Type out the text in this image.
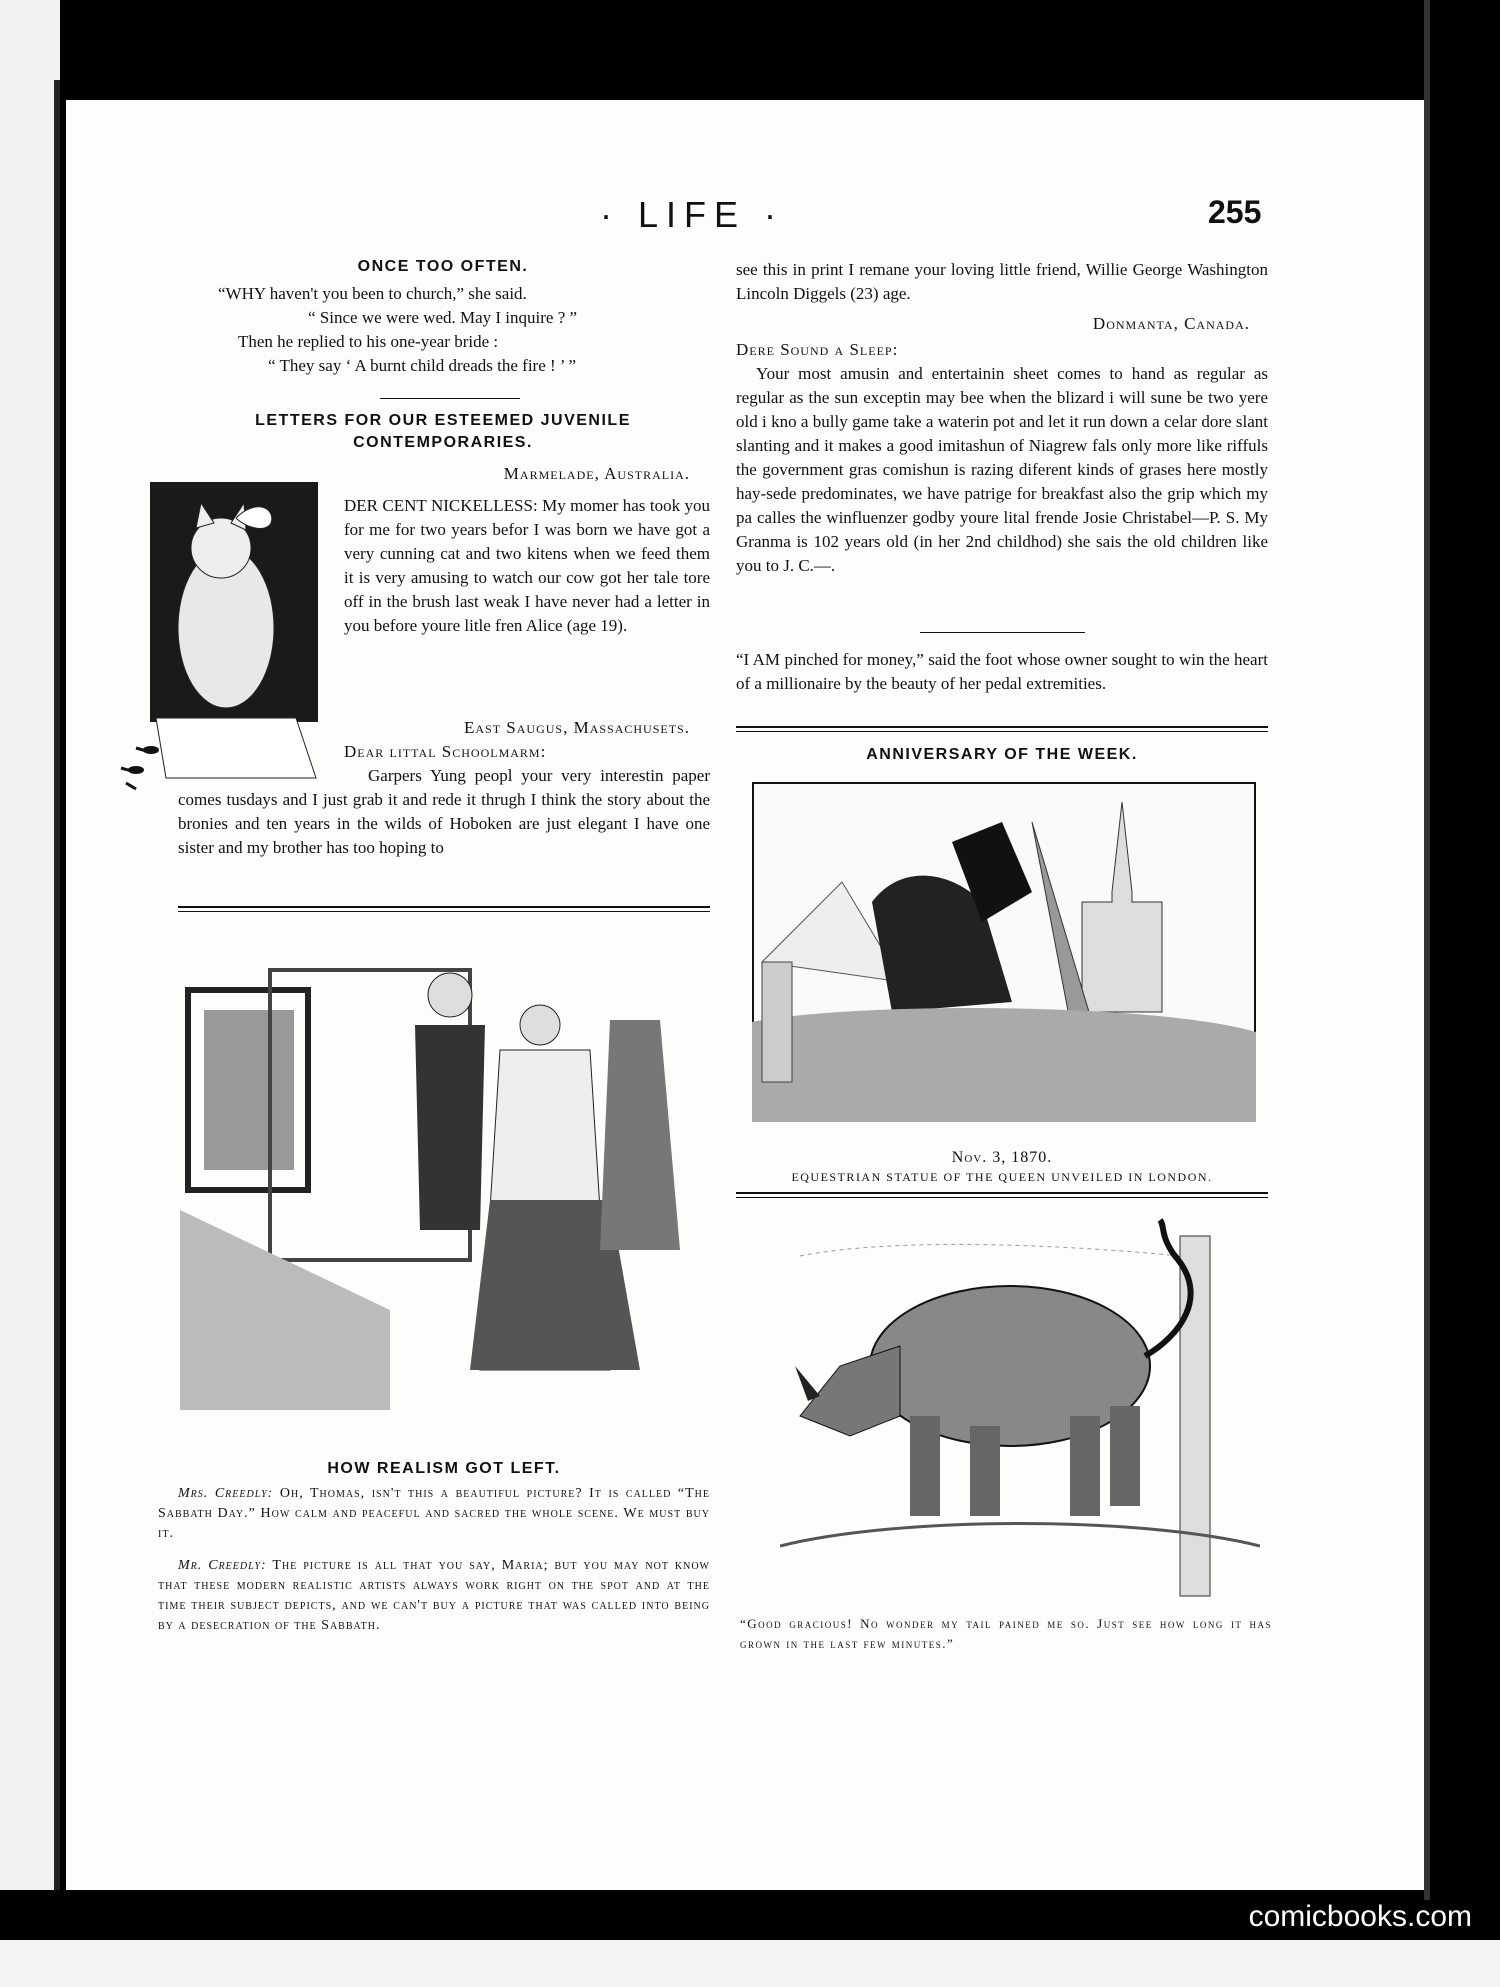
· LIFE ·	255
ONCE TOO OFTEN.
“WHY haven't you been to church,” she said.
“ Since we were wed. May I inquire ? ”
Then he replied to his one-year bride :
“ They say ‘ A burnt child dreads the fire ! ’ ”
LETTERS FOR OUR ESTEEMED JUVENILE CONTEMPORARIES.
Marmelade, Australia.
DER CENT NICKELLESS: My momer has took you for me for two years befor I was born we have got a very cunning cat and two kitens when we feed them it is very amusing to watch our cow got her tale tore off in the brush last weak I have never had a letter in you before youre litle fren Alice (age 19).
East Saugus, Massachusets.
Dear littal Schoolmarm:
Garpers Yung peopl your very interestin paper comes tusdays and I just grab it and rede it thrugh I think the story about the bronies and ten years in the wilds of Hoboken are just elegant I have one sister and my brother has too hoping to
HOW REALISM GOT LEFT.
Mrs. Creedly: Oh, Thomas, isn't this a beautiful picture? It is called “The Sabbath Day.” How calm and peaceful and sacred the whole scene. We must buy it.
Mr. Creedly: The picture is all that you say, Maria; but you may not know that these modern realistic artists always work right on the spot and at the time their subject depicts, and we can't buy a picture that was called into being by a desecration of the Sabbath.
see this in print I remane your loving little friend, Willie George Washington Lincoln Diggels (23) age.
Donmanta, Canada.
Dere Sound a Sleep:
Your most amusin and entertainin sheet comes to hand as regular as regular as the sun exceptin may bee when the blizard i will sune be two yere old i kno a bully game take a waterin pot and let it run down a celar dore slant slanting and it makes a good imitashun of Niagrew fals only more like riffuls the government gras comishun is razing diferent kinds of grases here mostly hay-sede predominates, we have patrige for breakfast also the grip which my pa calles the winfluenzer godby youre lital frende Josie Christabel—P. S. My Granma is 102 years old (in her 2nd childhod) she sais the old children like you to J. C.—.
“I AM pinched for money,” said the foot whose owner sought to win the heart of a millionaire by the beauty of her pedal extremities.
ANNIVERSARY OF THE WEEK.
Nov. 3, 1870.
EQUESTRIAN STATUE OF THE QUEEN UNVEILED IN LONDON.
“Good gracious! No wonder my tail pained me so. Just see how long it has grown in the last few minutes.”
comicbooks.com
